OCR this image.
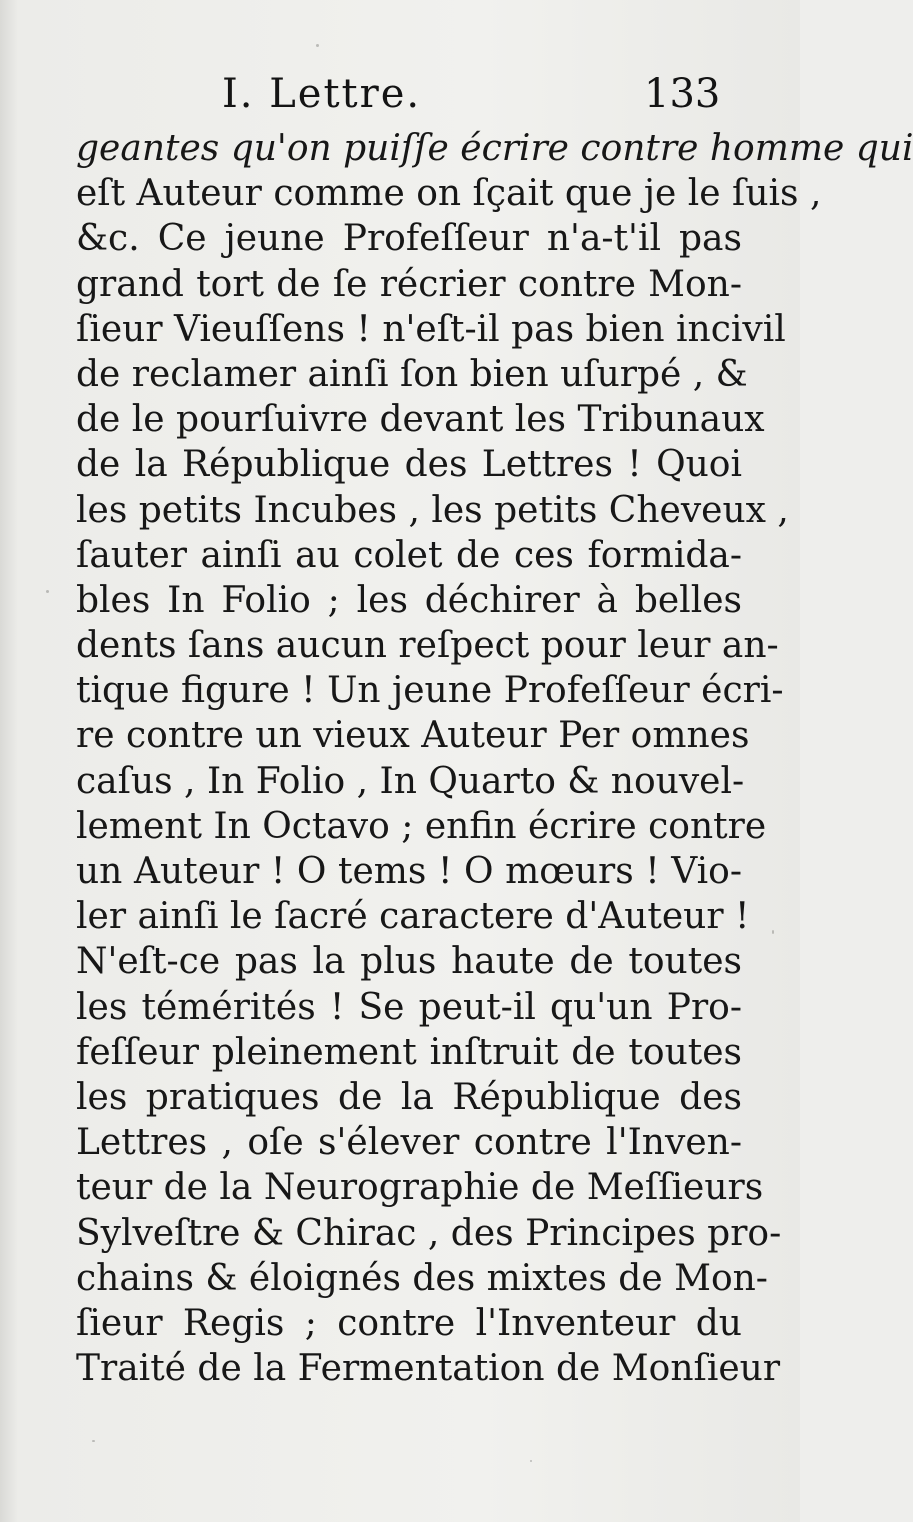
I. Lettre.	133
geantes qu'on puiſſe écrire contre homme qui
eſt Auteur comme on ſçait que je le ſuis ,
&c. Ce jeune Profeſſeur n'a-t'il pas
grand tort de ſe récrier contre Mon-
ſieur Vieuſſens ! n'eſt-il pas bien incivil
de reclamer ainſi ſon bien uſurpé , &
de le pourſuivre devant les Tribunaux
de la République des Lettres ! Quoi
les petits Incubes , les petits Cheveux ,
ſauter ainſi au colet de ces formida-
bles In Folio ; les déchirer à belles
dents ſans aucun reſpect pour leur an-
tique figure ! Un jeune Profeſſeur écri-
re contre un vieux Auteur Per omnes
caſus , In Folio , In Quarto & nouvel-
lement In Octavo ; enfin écrire contre
un Auteur ! O tems ! O mœurs ! Vio-
ler ainſi le ſacré caractere d'Auteur !
N'eſt-ce pas la plus haute de toutes
les témérités ! Se peut-il qu'un Pro-
feſſeur pleinement inſtruit de toutes
les pratiques de la République des
Lettres , oſe s'élever contre l'Inven-
teur de la Neurographie de Meſſieurs
Sylveſtre & Chirac , des Principes pro-
chains & éloignés des mixtes de Mon-
ſieur Regis ; contre l'Inventeur du
Traité de la Fermentation de Monſieur
